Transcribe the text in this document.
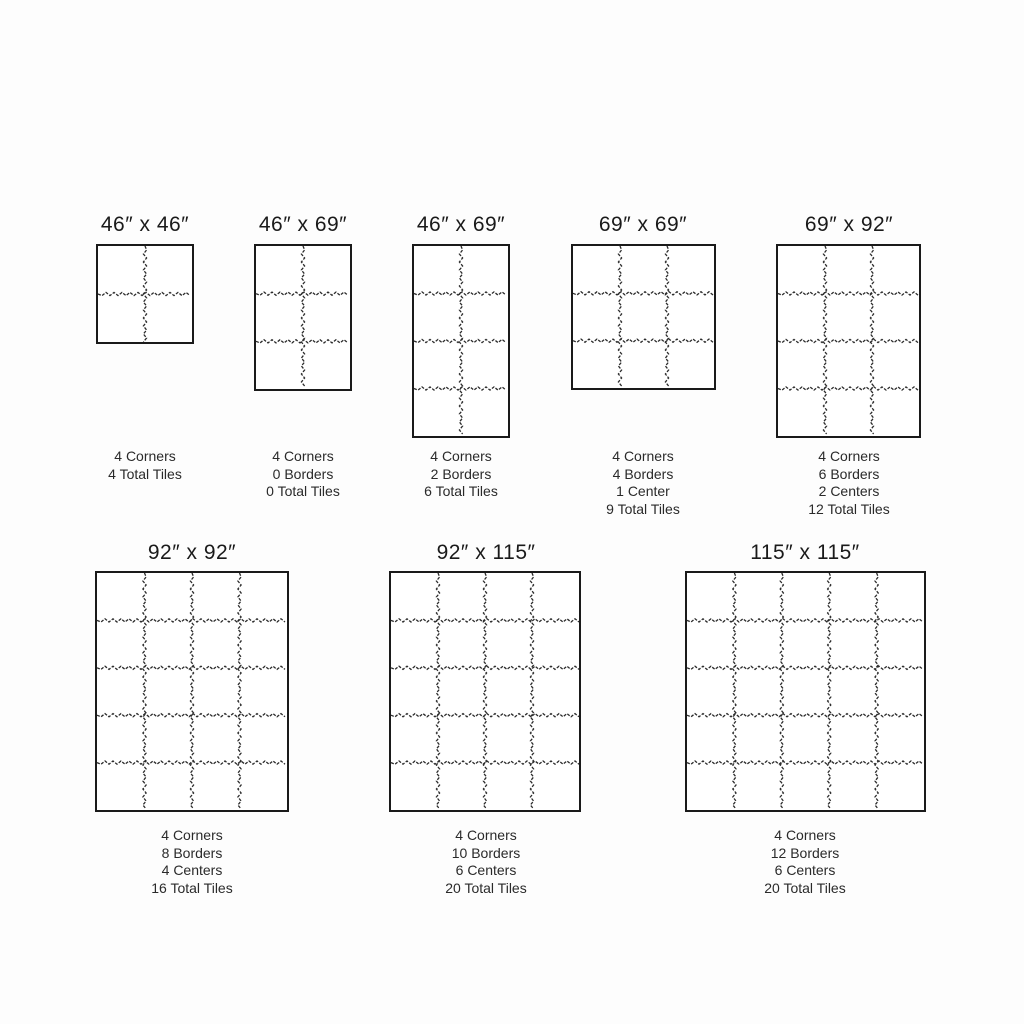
46″ x 46″
4 Corners
4 Total Tiles
46″ x 69″
4 Corners
0 Borders
0 Total Tiles
46″ x 69″
4 Corners
2 Borders
6 Total Tiles
69″ x 69″
4 Corners
4 Borders
1 Center
9 Total Tiles
69″ x 92″
4 Corners
6 Borders
2 Centers
12 Total Tiles
92″ x 92″
4 Corners
8 Borders
4 Centers
16 Total Tiles
92″ x 115″
4 Corners
10 Borders
6 Centers
20 Total Tiles
115″ x 115″
4 Corners
12 Borders
6 Centers
20 Total Tiles
